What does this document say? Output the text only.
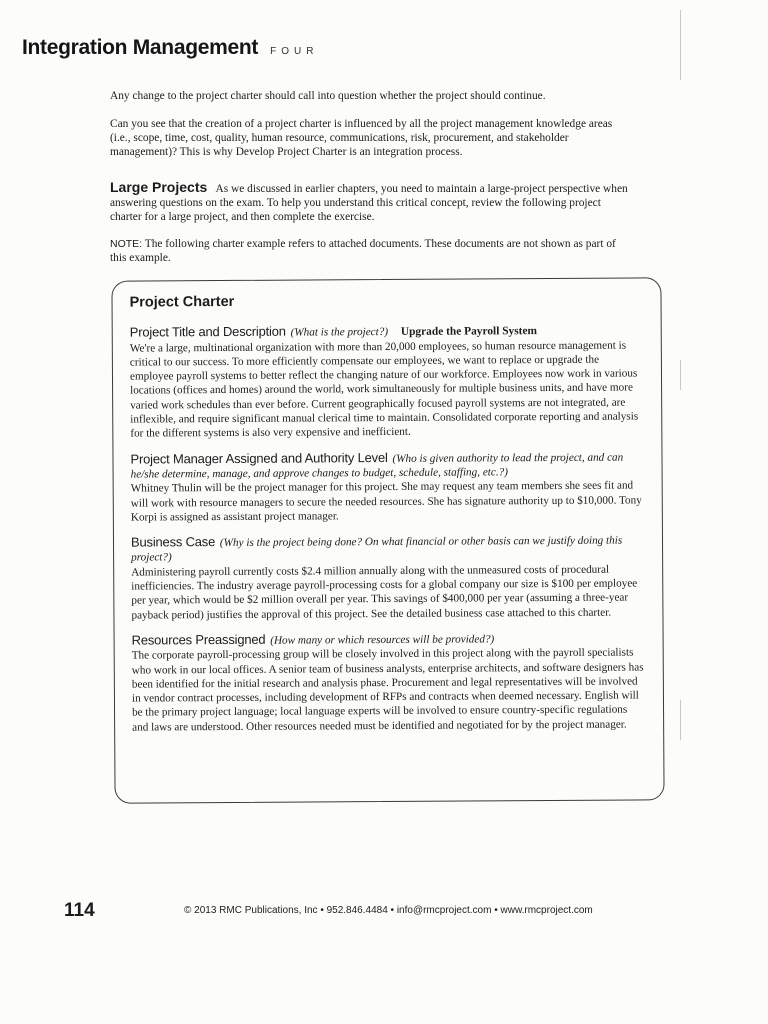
Integration Management FOUR

Any change to the project charter should call into question whether the project should continue.

Can you see that the creation of a project charter is influenced by all the project management knowledge areas (i.e., scope, time, cost, quality, human resource, communications, risk, procurement, and stakeholder management)? This is why Develop Project Charter is an integration process.

Large Projects As we discussed in earlier chapters, you need to maintain a large-project perspective when answering questions on the exam. To help you understand this critical concept, review the following project charter for a large project, and then complete the exercise.

NOTE: The following charter example refers to attached documents. These documents are not shown as part of this example.

Project Charter
Project Title and Description (What is the project?) Upgrade the Payroll System
We're a large, multinational organization with more than 20,000 employees, so human resource management is critical to our success. To more efficiently compensate our employees, we want to replace or upgrade the employee payroll systems to better reflect the changing nature of our workforce. Employees now work in various locations (offices and homes) around the world, work simultaneously for multiple business units, and have more varied work schedules than ever before. Current geographically focused payroll systems are not integrated, are inflexible, and require significant manual clerical time to maintain. Consolidated corporate reporting and analysis for the different systems is also very expensive and inefficient.
Project Manager Assigned and Authority Level (Who is given authority to lead the project, and can he/she determine, manage, and approve changes to budget, schedule, staffing, etc.?)
Whitney Thulin will be the project manager for this project. She may request any team members she sees fit and will work with resource managers to secure the needed resources. She has signature authority up to $10,000. Tony Korpi is assigned as assistant project manager.
Business Case (Why is the project being done? On what financial or other basis can we justify doing this project?)
Administering payroll currently costs $2.4 million annually along with the unmeasured costs of procedural inefficiencies. The industry average payroll-processing costs for a global company our size is $100 per employee per year, which would be $2 million overall per year. This savings of $400,000 per year (assuming a three-year payback period) justifies the approval of this project. See the detailed business case attached to this charter.
Resources Preassigned (How many or which resources will be provided?)
The corporate payroll-processing group will be closely involved in this project along with the payroll specialists who work in our local offices. A senior team of business analysts, enterprise architects, and software designers has been identified for the initial research and analysis phase. Procurement and legal representatives will be involved in vendor contract processes, including development of RFPs and contracts when deemed necessary. English will be the primary project language; local language experts will be involved to ensure country-specific regulations and laws are understood. Other resources needed must be identified and negotiated for by the project manager.
114	© 2013 RMC Publications, Inc • 952.846.4484 • info@rmcproject.com • www.rmcproject.com
